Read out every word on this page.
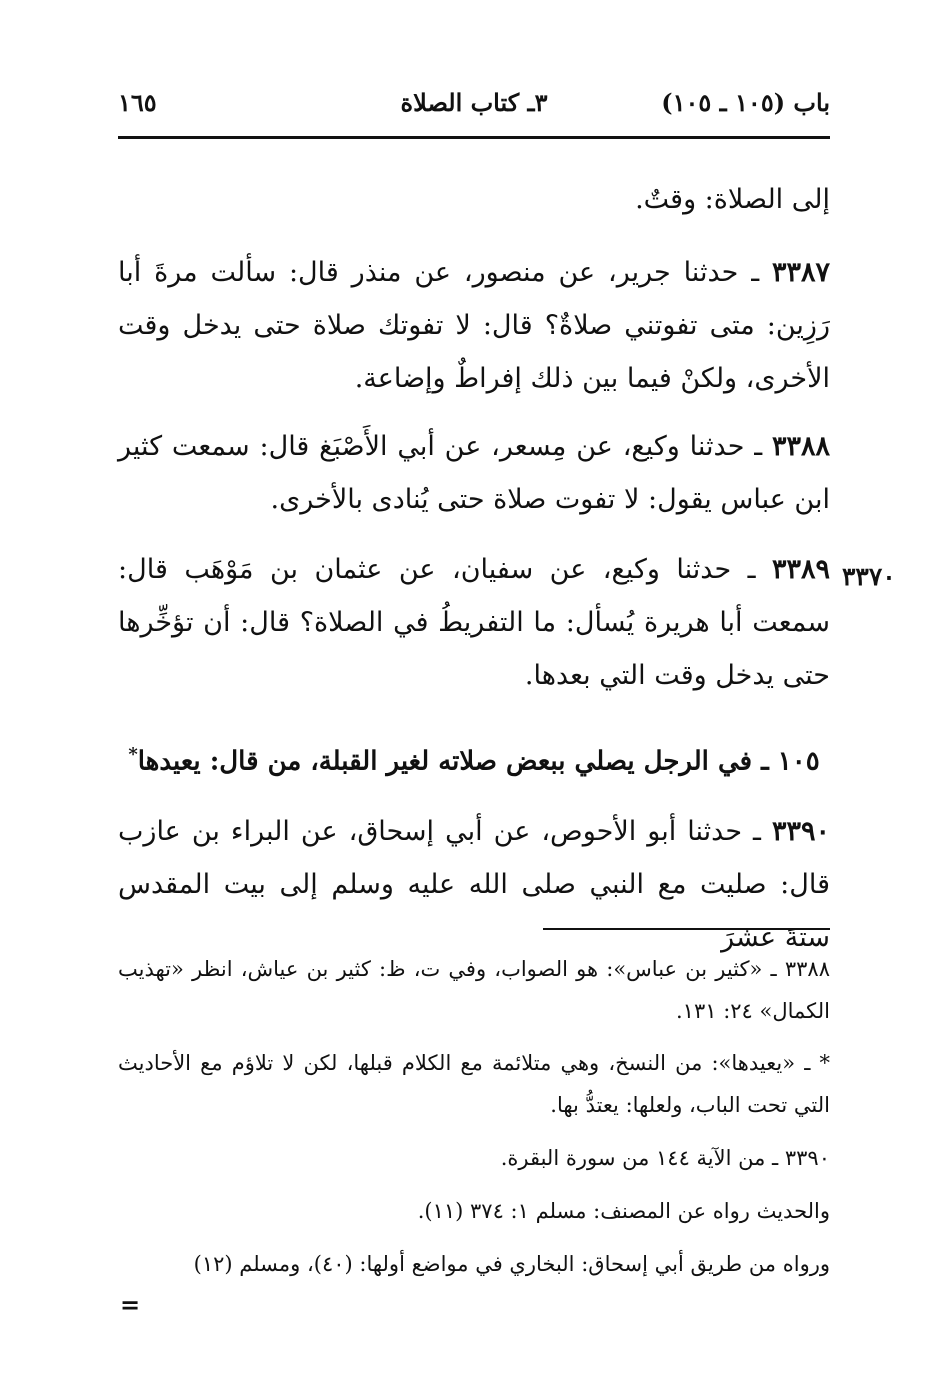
باب (١٠٥ ـ ١٠٥)
٣ـ كتاب الصلاة
١٦٥
إلى الصلاة: وقتٌ.
٣٣٨٧ ـ حدثنا جرير، عن منصور، عن منذر قال: سألت مرةَ أبا رَزِين: متى تفوتني صلاةٌ؟ قال: لا تفوتك صلاة حتى يدخل وقت الأخرى، ولكنْ فيما بين ذلك إفراطٌ وإضاعة.
٣٣٨٨ ـ حدثنا وكيع، عن مِسعر، عن أبي الأَصْبَغ قال: سمعت كثير ابن عباس يقول: لا تفوت صلاة حتى يُنادى بالأخرى.
٣٣٧٠
٣٣٨٩ ـ حدثنا وكيع، عن سفيان، عن عثمان بن مَوْهَب قال: سمعت أبا هريرة يُسأل: ما التفريطُ في الصلاة؟ قال: أن تؤخِّرها حتى يدخل وقت التي بعدها.
١٠٥ ـ في الرجل يصلي ببعض صلاته لغير القبلة، من قال: يعيدها*
٣٣٩٠ ـ حدثنا أبو الأحوص، عن أبي إسحاق، عن البراء بن عازب قال: صليت مع النبي صلى الله عليه وسلم إلى بيت المقدس ستةَ عشرَ
٣٣٨٨ ـ «كثير بن عباس»: هو الصواب، وفي ت، ظ: كثير بن عياش، انظر «تهذيب الكمال» ٢٤: ١٣١.
* ـ «يعيدها»: من النسخ، وهي متلائمة مع الكلام قبلها، لكن لا تلاؤم مع الأحاديث التي تحت الباب، ولعلها: يعتدُّ بها.
٣٣٩٠ ـ من الآية ١٤٤ من سورة البقرة.
والحديث رواه عن المصنف: مسلم ١: ٣٧٤ (١١).
ورواه من طريق أبي إسحاق: البخاري في مواضع أولها: (٤٠)، ومسلم (١٢)
=
